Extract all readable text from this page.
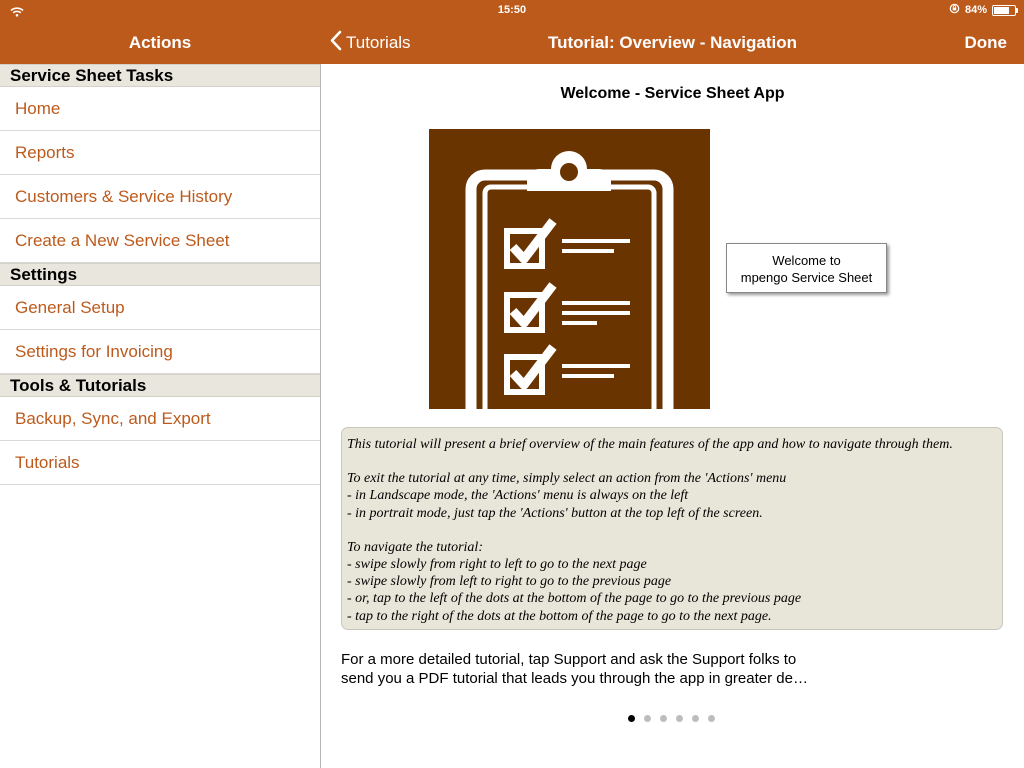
15:50	84%
Actions	Tutorials	Tutorial: Overview - Navigation	Done
Service Sheet Tasks
Home
Reports
Customers & Service History
Create a New Service Sheet
Settings
General Setup
Settings for Invoicing
Tools & Tutorials
Backup, Sync, and Export
Tutorials
Welcome - Service Sheet App
Welcome to
mpengo Service Sheet

This tutorial will present a brief overview of the main features of the app and how to navigate through them.

To exit the tutorial at any time, simply select an action from the 'Actions' menu
- in Landscape mode, the 'Actions' menu is always on the left
- in portrait mode, just tap the 'Actions' button at the top left of the screen.

To navigate the tutorial:
- swipe slowly from right to left to go to the next page
- swipe slowly from left to right to go to the previous page
- or, tap to the left of the dots at the bottom of the page to go to the previous page
- tap to the right of the dots at the bottom of the page to go to the next page.

For a more detailed tutorial, tap Support and ask the Support folks to
send you a PDF tutorial that leads you through the app in greater de…
